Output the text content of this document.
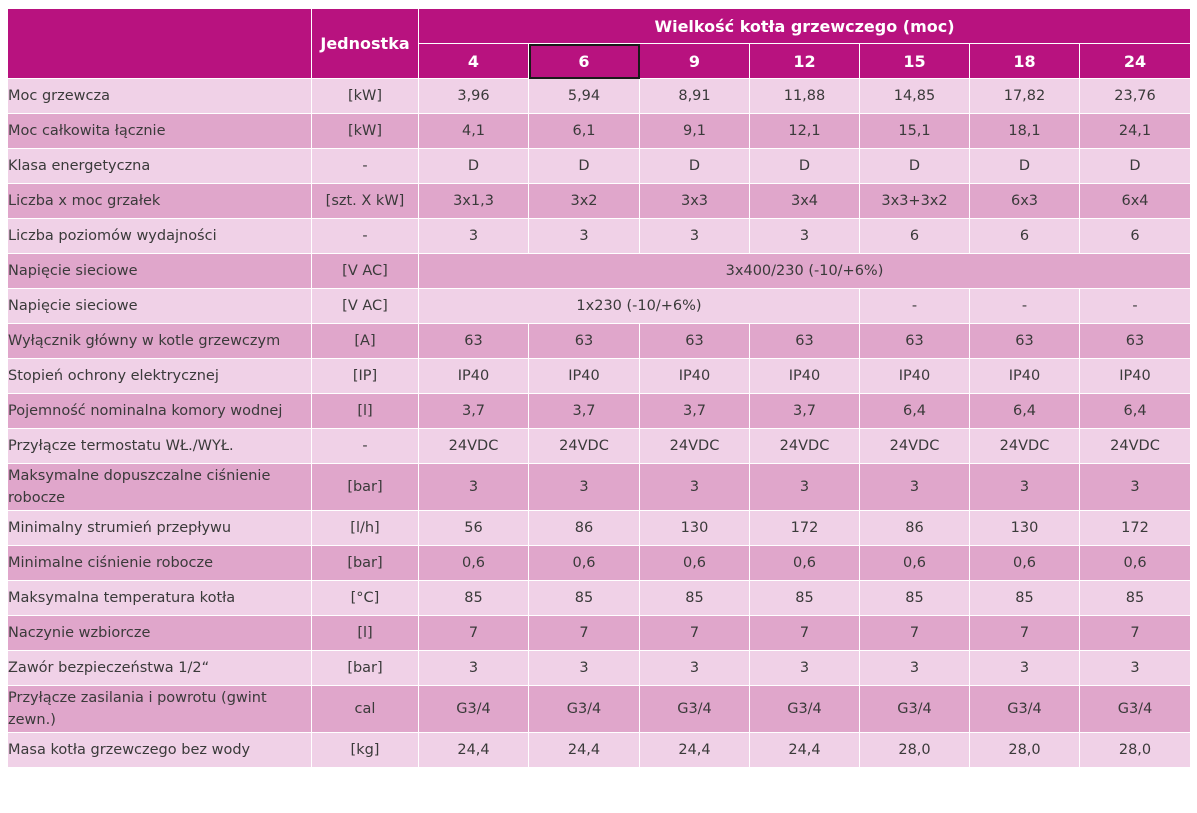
	Jednostka	Wielkość kotła grzewczego (moc)						
		4	6	9	12	15	18	24
Moc grzewcza	[kW]	3,96	5,94	8,91	11,88	14,85	17,82	23,76
Moc całkowita łącznie	[kW]	4,1	6,1	9,1	12,1	15,1	18,1	24,1
Klasa energetyczna	-	D	D	D	D	D	D	D
Liczba x moc grzałek	[szt. X kW]	3x1,3	3x2	3x3	3x4	3x3+3x2	6x3	6x4
Liczba poziomów wydajności	-	3	3	3	3	6	6	6
Napięcie sieciowe	[V AC]	3x400/230 (-10/+6%)						
Napięcie sieciowe	[V AC]	1x230 (-10/+6%)				-	-	-
Wyłącznik główny w kotle grzewczym	[A]	63	63	63	63	63	63	63
Stopień ochrony elektrycznej	[IP]	IP40	IP40	IP40	IP40	IP40	IP40	IP40
Pojemność nominalna komory wodnej	[l]	3,7	3,7	3,7	3,7	6,4	6,4	6,4
Przyłącze termostatu WŁ./WYŁ.	-	24VDC	24VDC	24VDC	24VDC	24VDC	24VDC	24VDC
Maksymalne dopuszczalne ciśnienie robocze	[bar]	3	3	3	3	3	3	3
Minimalny strumień przepływu	[l/h]	56	86	130	172	86	130	172
Minimalne ciśnienie robocze	[bar]	0,6	0,6	0,6	0,6	0,6	0,6	0,6
Maksymalna temperatura kotła	[°C]	85	85	85	85	85	85	85
Naczynie wzbiorcze	[l]	7	7	7	7	7	7	7
Zawór bezpieczeństwa 1/2“	[bar]	3	3	3	3	3	3	3
Przyłącze zasilania i powrotu (gwint zewn.)	cal	G3/4	G3/4	G3/4	G3/4	G3/4	G3/4	G3/4
Masa kotła grzewczego bez wody	[kg]	24,4	24,4	24,4	24,4	28,0	28,0	28,0
